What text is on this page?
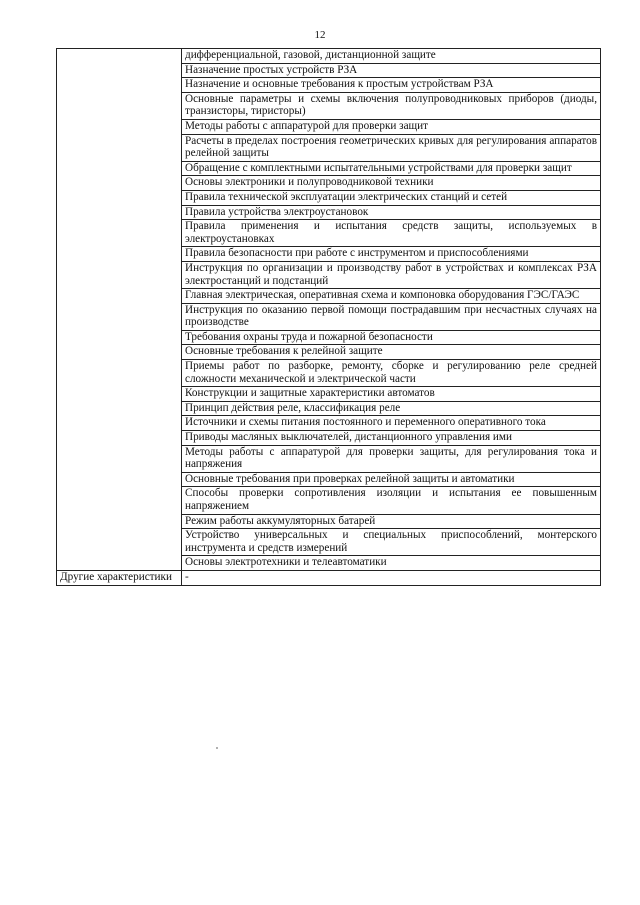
12
	дифференциальной, газовой, дистанционной защите
	Назначение простых устройств РЗА
	Назначение и основные требования к простым устройствам РЗА
	Основные параметры и схемы включения полупроводниковых приборов (диоды, транзисторы, тиристоры)
	Методы работы с аппаратурой для проверки защит
	Расчеты в пределах построения геометрических кривых для регулирования аппаратов релейной защиты
	Обращение с комплектными испытательными устройствами для проверки защит
	Основы электроники и полупроводниковой техники
	Правила технической эксплуатации электрических станций и сетей
	Правила устройства электроустановок
	Правила применения и испытания средств защиты, используемых в электроустановках
	Правила безопасности при работе с инструментом и приспособлениями
	Инструкция по организации и производству работ в устройствах и комплексах РЗА электростанций и подстанций
	Главная электрическая, оперативная схема и компоновка оборудования ГЭС/ГАЭС
	Инструкция по оказанию первой помощи пострадавшим при несчастных случаях на производстве
	Требования охраны труда и пожарной безопасности
	Основные требования к релейной защите
	Приемы работ по разборке, ремонту, сборке и регулированию реле средней сложности механической и электрической части
	Конструкции и защитные характеристики автоматов
	Принцип действия реле, классификация реле
	Источники и схемы питания постоянного и переменного оперативного тока
	Приводы масляных выключателей, дистанционного управления ими
	Методы работы с аппаратурой для проверки защиты, для регулирования тока и напряжения
	Основные требования при проверках релейной защиты и автоматики
	Способы проверки сопротивления изоляции и испытания ее повышенным напряжением
	Режим работы аккумуляторных батарей
	Устройство универсальных и специальных приспособлений, монтерского инструмента и средств измерений
	Основы электротехники и телеавтоматики
Другие характеристики	-
